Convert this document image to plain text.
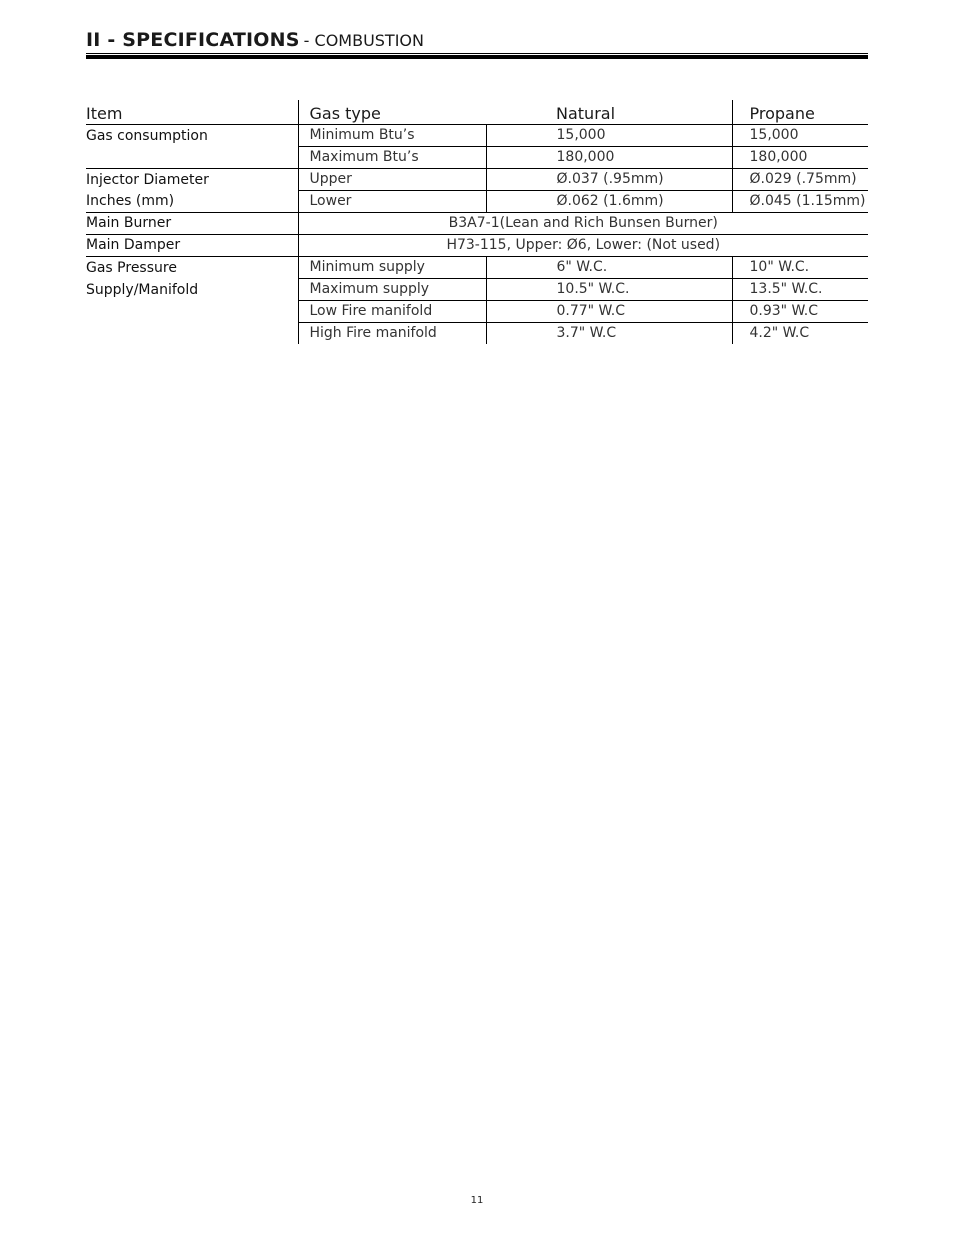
II - SPECIFICATIONS - COMBUSTION
Item	Gas type	Natural	Propane
Gas consumption	Minimum Btu’s	15,000	15,000
	Maximum Btu’s	180,000	180,000
Injector Diameter	Upper	Ø.037 (.95mm)	Ø.029 (.75mm)
Inches (mm)	Lower	Ø.062 (1.6mm)	Ø.045 (1.15mm)
Main Burner	B3A7-1(Lean and Rich Bunsen Burner)		
Main Damper	H73-115, Upper: Ø6, Lower: (Not used)		
Gas Pressure	Minimum supply	6" W.C.	10" W.C.
Supply/Manifold	Maximum supply	10.5" W.C.	13.5" W.C.
	Low Fire manifold	0.77" W.C	0.93" W.C
	High Fire manifold	3.7" W.C	4.2" W.C
11
